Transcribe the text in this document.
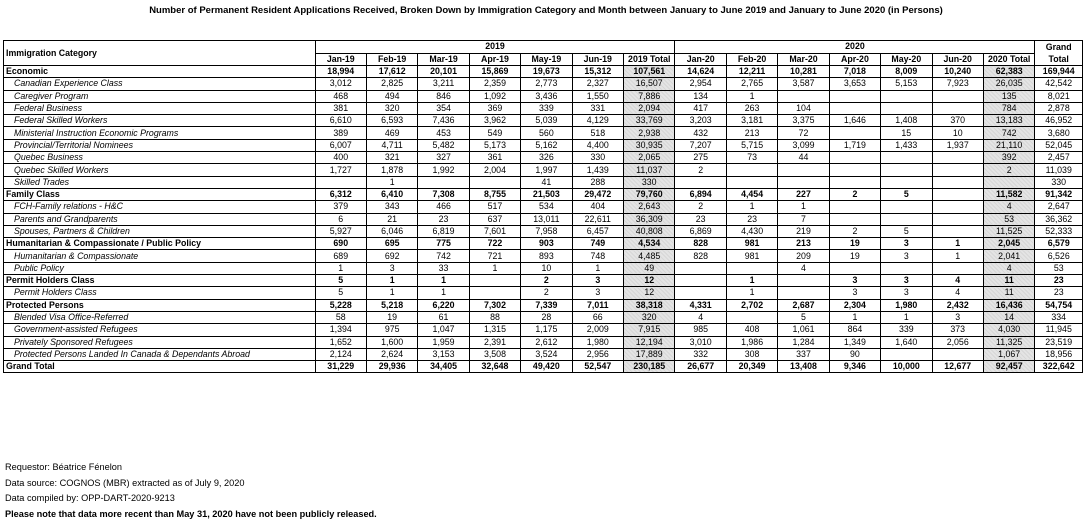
Number of Permanent Resident Applications Received, Broken Down by Immigration Category and Month between January to June 2019 and January to June 2020 (in Persons)
Immigration Category	2019							2020							Grand Total
	Jan-19	Feb-19	Mar-19	Apr-19	May-19	Jun-19	2019 Total	Jan-20	Feb-20	Mar-20	Apr-20	May-20	Jun-20	2020 Total	
Economic	18,994	17,612	20,101	15,869	19,673	15,312	107,561	14,624	12,211	10,281	7,018	8,009	10,240	62,383	169,944
Canadian Experience Class	3,012	2,825	3,211	2,359	2,773	2,327	16,507	2,954	2,765	3,587	3,653	5,153	7,923	26,035	42,542
Caregiver Program	468	494	846	1,092	3,436	1,550	7,886	134	1					135	8,021
Federal Business	381	320	354	369	339	331	2,094	417	263	104				784	2,878
Federal Skilled Workers	6,610	6,593	7,436	3,962	5,039	4,129	33,769	3,203	3,181	3,375	1,646	1,408	370	13,183	46,952
Ministerial Instruction Economic Programs	389	469	453	549	560	518	2,938	432	213	72		15	10	742	3,680
Provincial/Territorial Nominees	6,007	4,711	5,482	5,173	5,162	4,400	30,935	7,207	5,715	3,099	1,719	1,433	1,937	21,110	52,045
Quebec Business	400	321	327	361	326	330	2,065	275	73	44				392	2,457
Quebec Skilled Workers	1,727	1,878	1,992	2,004	1,997	1,439	11,037	2						2	11,039
Skilled Trades		1			41	288	330								330
Family Class	6,312	6,410	7,308	8,755	21,503	29,472	79,760	6,894	4,454	227	2	5		11,582	91,342
FCH-Family relations - H&C	379	343	466	517	534	404	2,643	2	1	1				4	2,647
Parents and Grandparents	6	21	23	637	13,011	22,611	36,309	23	23	7				53	36,362
Spouses, Partners & Children	5,927	6,046	6,819	7,601	7,958	6,457	40,808	6,869	4,430	219	2	5		11,525	52,333
Humanitarian & Compassionate / Public Policy	690	695	775	722	903	749	4,534	828	981	213	19	3	1	2,045	6,579
Humanitarian & Compassionate	689	692	742	721	893	748	4,485	828	981	209	19	3	1	2,041	6,526
Public Policy	1	3	33	1	10	1	49			4				4	53
Permit Holders Class	5	1	1		2	3	12		1		3	3	4	11	23
Permit Holders Class	5	1	1		2	3	12		1		3	3	4	11	23
Protected Persons	5,228	5,218	6,220	7,302	7,339	7,011	38,318	4,331	2,702	2,687	2,304	1,980	2,432	16,436	54,754
Blended Visa Office-Referred	58	19	61	88	28	66	320	4		5	1	1	3	14	334
Government-assisted Refugees	1,394	975	1,047	1,315	1,175	2,009	7,915	985	408	1,061	864	339	373	4,030	11,945
Privately Sponsored Refugees	1,652	1,600	1,959	2,391	2,612	1,980	12,194	3,010	1,986	1,284	1,349	1,640	2,056	11,325	23,519
Protected Persons Landed In Canada & Dependants Abroad	2,124	2,624	3,153	3,508	3,524	2,956	17,889	332	308	337	90			1,067	18,956
Grand Total	31,229	29,936	34,405	32,648	49,420	52,547	230,185	26,677	20,349	13,408	9,346	10,000	12,677	92,457	322,642
Requestor: Béatrice Fénelon
Data source: COGNOS (MBR) extracted as of July 9, 2020
Data compiled by: OPP-DART-2020-9213
Please note that data more recent than May 31, 2020 have not been publicly released.
